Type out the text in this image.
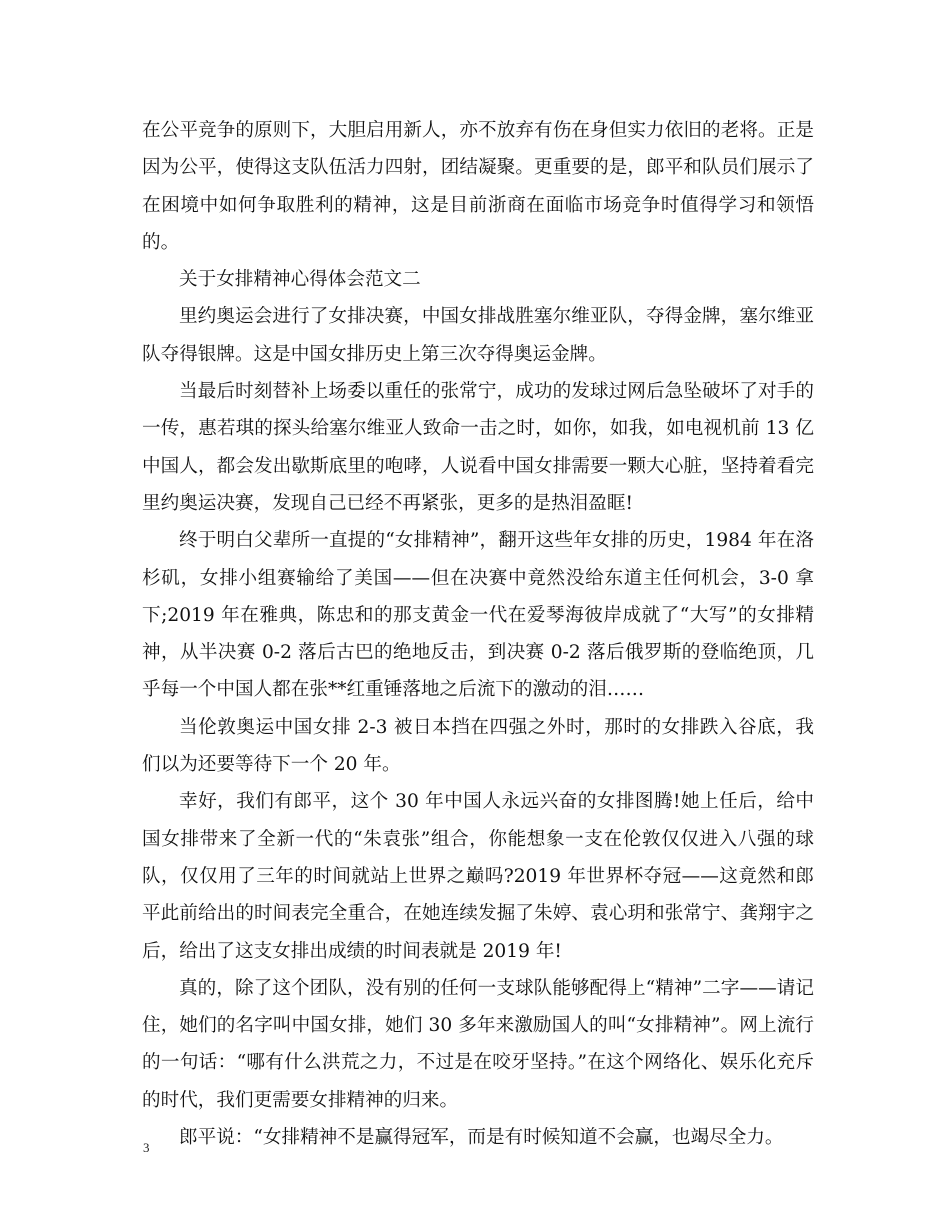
在公平竞争的原则下，大胆启用新人，亦不放弃有伤在身但实力依旧的老将。正是因为公平，使得这支队伍活力四射，团结凝聚。更重要的是，郎平和队员们展示了在困境中如何争取胜利的精神，这是目前浙商在面临市场竞争时值得学习和领悟的。

关于女排精神心得体会范文二

里约奥运会进行了女排决赛，中国女排战胜塞尔维亚队，夺得金牌，塞尔维亚队夺得银牌。这是中国女排历史上第三次夺得奥运金牌。

当最后时刻替补上场委以重任的张常宁，成功的发球过网后急坠破坏了对手的一传，惠若琪的探头给塞尔维亚人致命一击之时，如你，如我，如电视机前 13 亿中国人，都会发出歇斯底里的咆哮，人说看中国女排需要一颗大心脏，坚持着看完里约奥运决赛，发现自己已经不再紧张，更多的是热泪盈眶!

终于明白父辈所一直提的“女排精神”，翻开这些年女排的历史，1984 年在洛杉矶，女排小组赛输给了美国——但在决赛中竟然没给东道主任何机会，3-0 拿下;2019 年在雅典，陈忠和的那支黄金一代在爱琴海彼岸成就了“大写”的女排精神，从半决赛 0-2 落后古巴的绝地反击，到决赛 0-2 落后俄罗斯的登临绝顶，几乎每一个中国人都在张**红重锤落地之后流下的激动的泪……

当伦敦奥运中国女排 2-3 被日本挡在四强之外时，那时的女排跌入谷底，我们以为还要等待下一个 20 年。

幸好，我们有郎平，这个 30 年中国人永远兴奋的女排图腾!她上任后，给中国女排带来了全新一代的“朱袁张”组合，你能想象一支在伦敦仅仅进入八强的球队，仅仅用了三年的时间就站上世界之巅吗?2019 年世界杯夺冠——这竟然和郎平此前给出的时间表完全重合，在她连续发掘了朱婷、袁心玥和张常宁、龚翔宇之后，给出了这支女排出成绩的时间表就是 2019 年!

真的，除了这个团队，没有别的任何一支球队能够配得上“精神”二字——请记住，她们的名字叫中国女排，她们 30 多年来激励国人的叫“女排精神”。网上流行的一句话：“哪有什么洪荒之力，不过是在咬牙坚持。”在这个网络化、娱乐化充斥的时代，我们更需要女排精神的归来。

郎平说：“女排精神不是赢得冠军，而是有时候知道不会赢，也竭尽全力。

3
